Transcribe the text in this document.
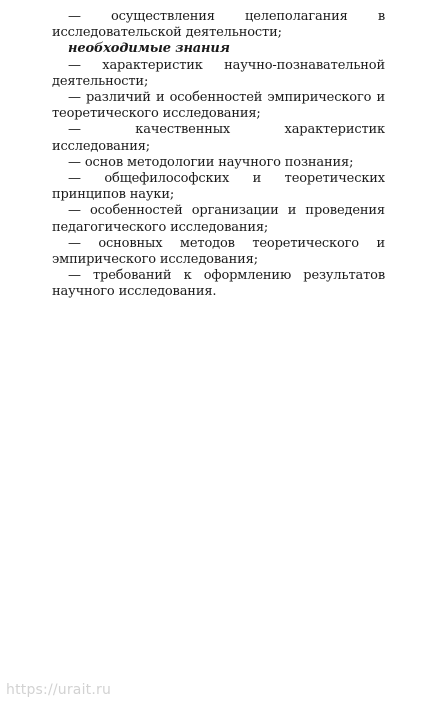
— осуществления целеполагания в исследовательской деятельности;

необходимые знания

— характеристик научно-познавательной деятельности;

— различий и особенностей эмпирического и теоретического исследования;

— качественных характеристик исследования;

— основ методологии научного познания;

— общефилософских и теоретических принципов науки;

— особенностей организации и проведения педагогического исследования;

— основных методов теоретического и эмпирического исследования;

— требований к оформлению результатов научного исследования.

https://urait.ru
